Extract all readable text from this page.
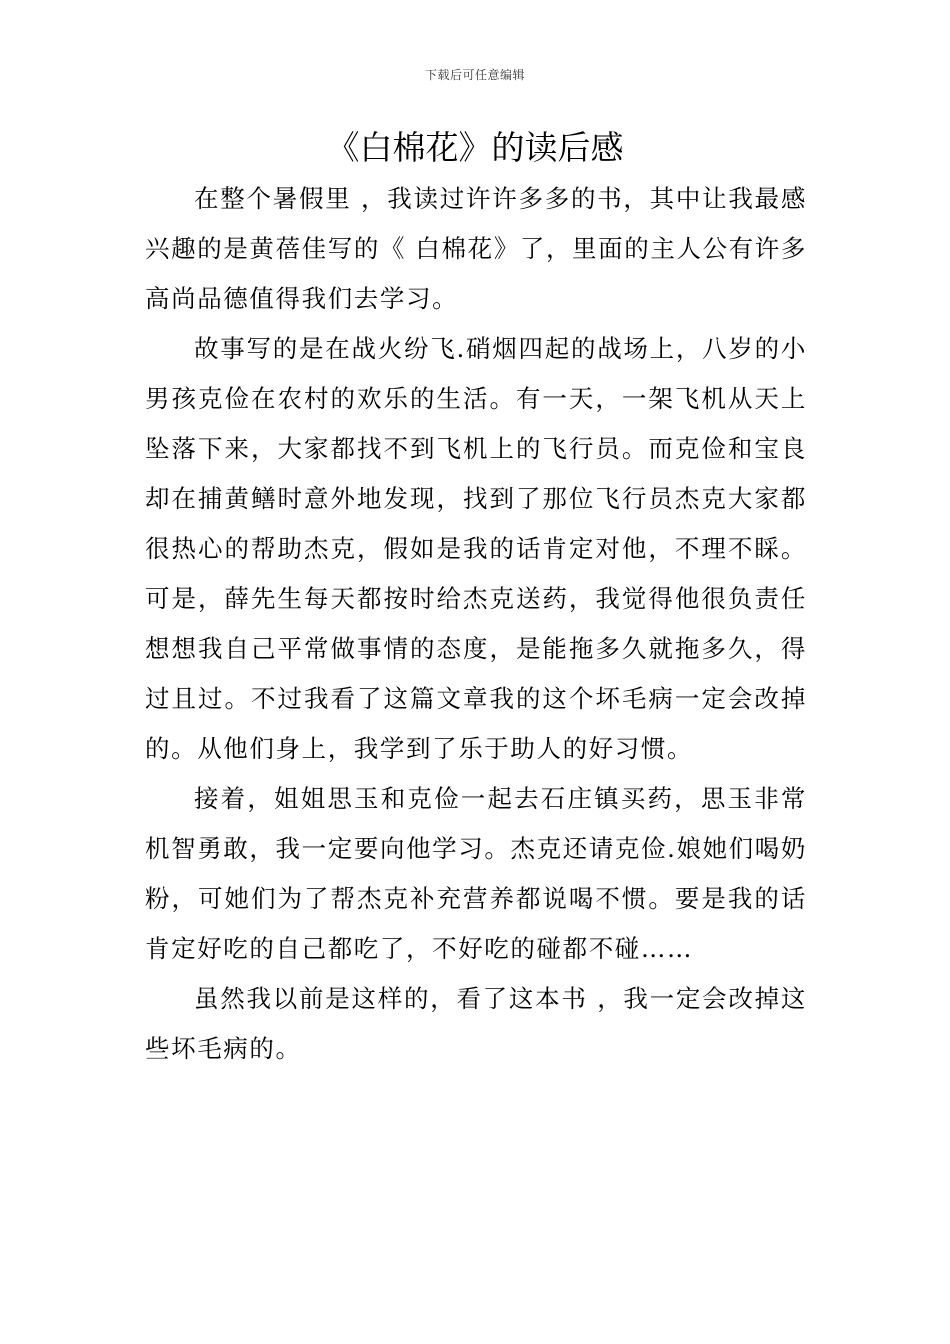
下载后可任意编辑
《白棉花》的读后感

在整个暑假里 ，我读过许许多多的书，其中让我最感兴趣的是黄蓓佳写的《 白棉花》了，里面的主人公有许多高尚品德值得我们去学习。

故事写的是在战火纷飞.硝烟四起的战场上，八岁的小男孩克俭在农村的欢乐的生活。有一天，一架飞机从天上坠落下来，大家都找不到飞机上的飞行员。而克俭和宝良却在捕黄鳝时意外地发现，找到了那位飞行员杰克大家都很热心的帮助杰克，假如是我的话肯定对他，不理不睬。可是，薛先生每天都按时给杰克送药，我觉得他很负责任想想我自己平常做事情的态度，是能拖多久就拖多久，得过且过。不过我看了这篇文章我的这个坏毛病一定会改掉的。从他们身上，我学到了乐于助人的好习惯。

接着，姐姐思玉和克俭一起去石庄镇买药，思玉非常机智勇敢，我一定要向他学习。杰克还请克俭.娘她们喝奶粉，可她们为了帮杰克补充营养都说喝不惯。要是我的话肯定好吃的自己都吃了，不好吃的碰都不碰……

虽然我以前是这样的，看了这本书 ，我一定会改掉这些坏毛病的。
